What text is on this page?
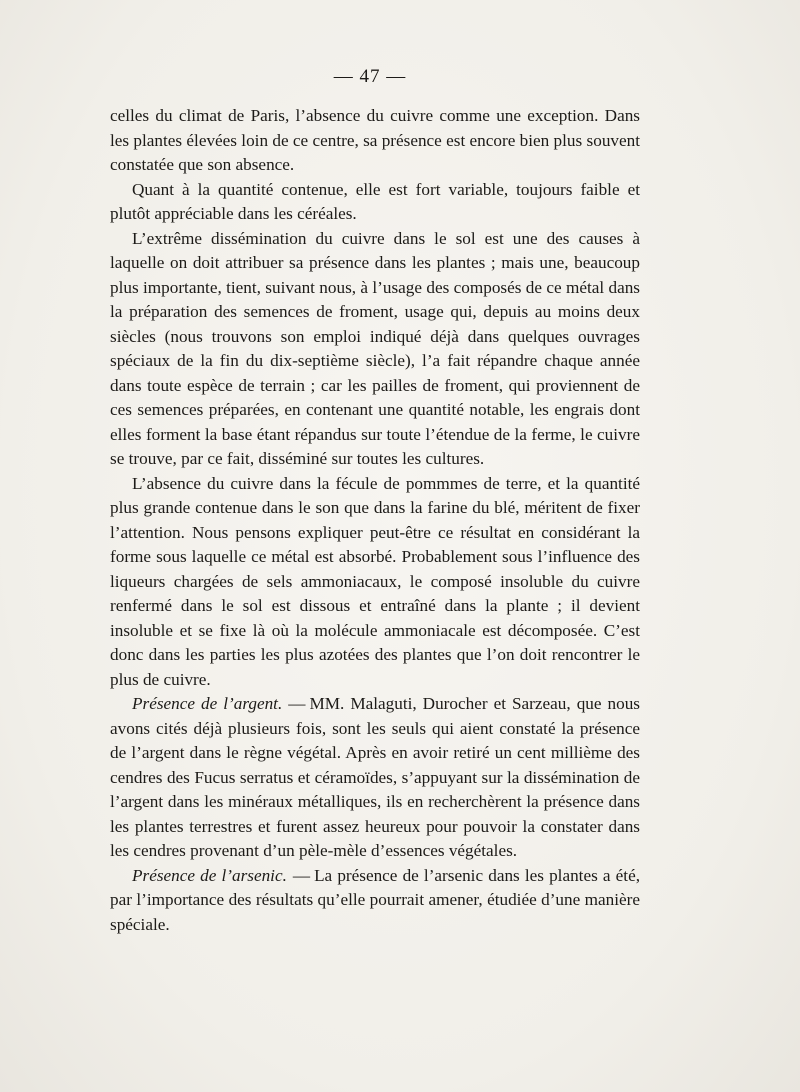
— 47 —

celles du climat de Paris, l’absence du cuivre comme une exception. Dans les plantes élevées loin de ce centre, sa présence est encore bien plus souvent constatée que son absence.

Quant à la quantité contenue, elle est fort variable, toujours faible et plutôt appréciable dans les céréales.

L’extrême dissémination du cuivre dans le sol est une des causes à laquelle on doit attribuer sa présence dans les plantes ; mais une, beaucoup plus importante, tient, suivant nous, à l’usage des composés de ce métal dans la préparation des semences de froment, usage qui, depuis au moins deux siècles (nous trouvons son emploi indiqué déjà dans quelques ouvrages spéciaux de la fin du dix-septième siècle), l’a fait répandre chaque année dans toute espèce de terrain ; car les pailles de froment, qui proviennent de ces semences préparées, en contenant une quantité notable, les engrais dont elles forment la base étant répandus sur toute l’étendue de la ferme, le cuivre se trouve, par ce fait, disséminé sur toutes les cultures.

L’absence du cuivre dans la fécule de pommmes de terre, et la quantité plus grande contenue dans le son que dans la farine du blé, méritent de fixer l’attention. Nous pensons expliquer peut-être ce résultat en considérant la forme sous laquelle ce métal est absorbé. Probablement sous l’influence des liqueurs chargées de sels ammoniacaux, le composé insoluble du cuivre renfermé dans le sol est dissous et entraîné dans la plante ; il devient insoluble et se fixe là où la molécule ammoniacale est décomposée. C’est donc dans les parties les plus azotées des plantes que l’on doit rencontrer le plus de cuivre.

Présence de l’argent. — MM. Malaguti, Durocher et Sarzeau, que nous avons cités déjà plusieurs fois, sont les seuls qui aient constaté la présence de l’argent dans le règne végétal. Après en avoir retiré un cent millième des cendres des Fucus serratus et céramoïdes, s’appuyant sur la dissémination de l’argent dans les minéraux métalliques, ils en recherchèrent la présence dans les plantes terrestres et furent assez heureux pour pouvoir la constater dans les cendres provenant d’un pèle-mèle d’essences végétales.

Présence de l’arsenic. — La présence de l’arsenic dans les plantes a été, par l’importance des résultats qu’elle pourrait amener, étudiée d’une manière spéciale.
